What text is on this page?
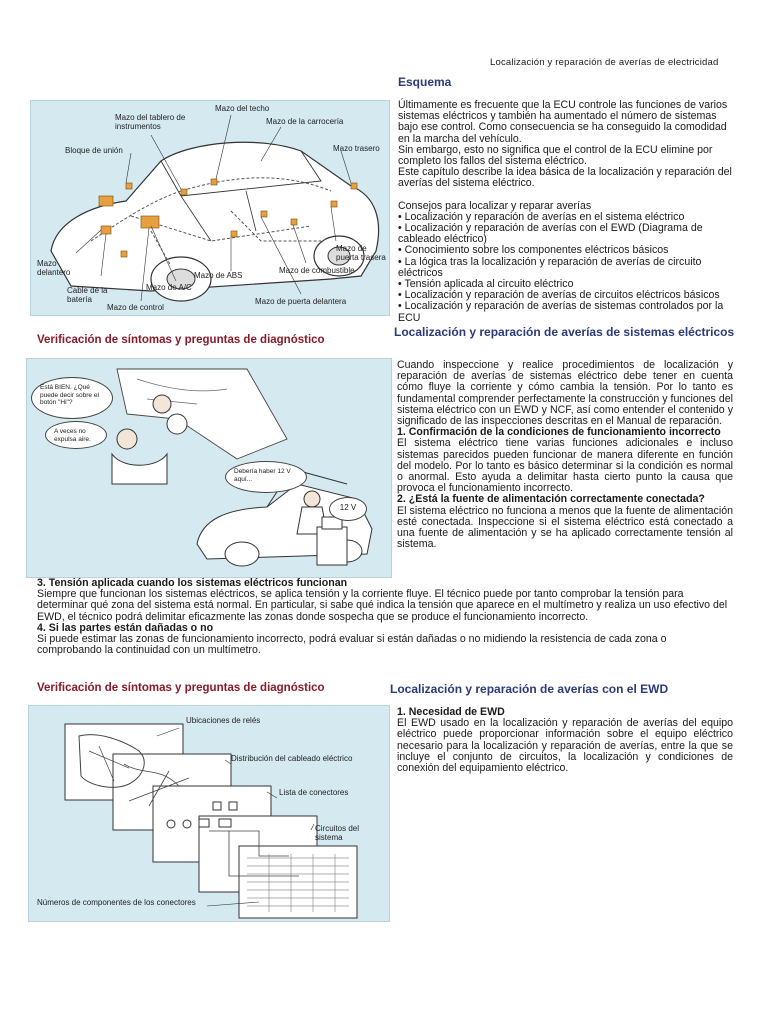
Localización y reparación de averías de electricidad
Esquema
Mazo del techo
Mazo del tablero de instrumentos
Mazo de la carrocería
Bloque de unión	Mazo trasero
Mazo delantero
Cable de la batería
Mazo de control
Mazo de A/C
Mazo de ABS
Mazo de combustible
Mazo de puerta delantera
Mazo de puerta trasera

Últimamente es frecuente que la ECU controle las funciones de varios sistemas eléctricos y también ha aumentado el número de sistemas bajo ese control. Como consecuencia se ha conseguido la comodidad en la marcha del vehículo.

Sin embargo, esto no significa que el control de la ECU elimine por completo los fallos del sistema eléctrico.

Este capítulo describe la idea básica de la localización y reparación del averías del sistema eléctrico.

Consejos para localizar y reparar averías

• Localización y reparación de averías en el sistema eléctrico

• Localización y reparación de averías con el EWD (Diagrama de cableado eléctrico)

• Conocimiento sobre los componentes eléctricos básicos

• La lógica tras la localización y reparación de averías de circuito eléctricos

• Tensión aplicada al circuito eléctrico

• Localización y reparación de averías de circuitos eléctricos básicos

• Localización y reparación de averías de sistemas controlados por la ECU

Verificación de síntomas y preguntas de diagnóstico
Localización y reparación de averías de sistemas eléctricos
Está BIEN. ¿Qué puede decir sobre el botón "Hi"?
A veces no expulsa aire.
Debería haber 12 V aquí...
12 V

Cuando inspeccione y realice procedimientos de localización y reparación de averías de sistemas eléctrico debe tener en cuenta cómo fluye la corriente y cómo cambia la tensión. Por lo tanto es fundamental comprender perfectamente la construcción y funciones del sistema eléctrico con un EWD y NCF, así como entender el contenido y significado de las inspecciones descritas en el Manual de reparación.

1. Confirmación de la condiciones de funcionamiento incorrecto

El sistema eléctrico tiene varias funciones adicionales e incluso sistemas parecidos pueden funcionar de manera diferente en función del modelo. Por lo tanto es básico determinar si la condición es normal o anormal. Esto ayuda a delimitar hasta cierto punto la causa que provoca el funcionamiento incorrecto.

2. ¿Está la fuente de alimentación correctamente conectada?

El sistema eléctrico no funciona a menos que la fuente de alimentación esté conectada. Inspeccione si el sistema eléctrico está conectado a una fuente de alimentación y se ha aplicado correctamente tensión al sistema.

3. Tensión aplicada cuando los sistemas eléctricos funcionan

Siempre que funcionan los sistemas eléctricos, se aplica tensión y la corriente fluye. El técnico puede por tanto comprobar la tensión para determinar qué zona del sistema está normal. En particular, si sabe qué indica la tensión que aparece en el multímetro y realiza un uso efectivo del EWD, el técnico podrá delimitar eficazmente las zonas donde sospecha que se produce el funcionamiento incorrecto.

4. Si las partes están dañadas o no

Si puede estimar las zonas de funcionamiento incorrecto, podrá evaluar si están dañadas o no midiendo la resistencia de cada zona o comprobando la continuidad con un multímetro.

Verificación de síntomas y preguntas de diagnóstico	Localización y reparación de averías con el EWD
Ubicaciones de relés
Distribución del cableado eléctrico
Lista de conectores
Circuitos del sistema
Números de componentes de los conectores

1. Necesidad de EWD

El EWD usado en la localización y reparación de averías del equipo eléctrico puede proporcionar información sobre el equipo eléctrico necesario para la localización y reparación de averías, entre la que se incluye el conjunto de circuitos, la localización y condiciones de conexión del equipamiento eléctrico.
